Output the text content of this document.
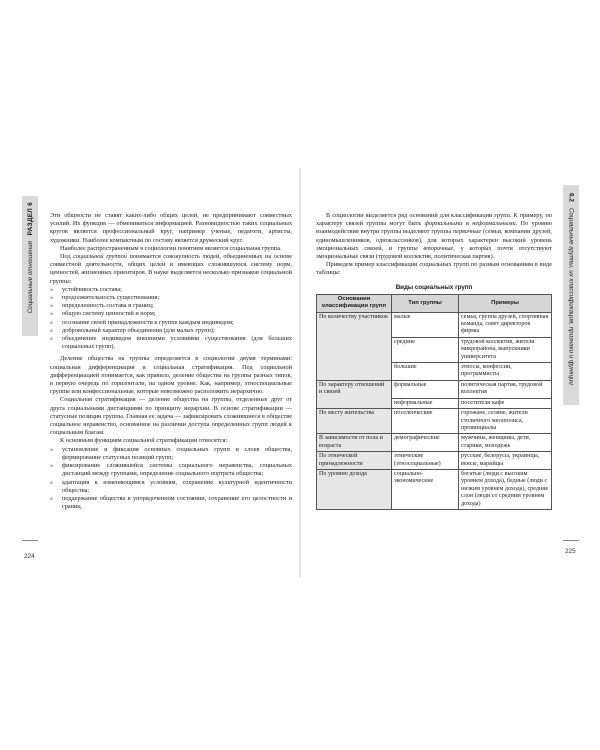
РАЗДЕЛ 6
Социальные отношения
6.2
Социальные группы, их классификация, признаки и функции
224
225

Эти общности не ставят каких-либо общих целей, не предпринимают совместных усилий. Их функция — обмениваться информацией. Разновидностью таких социальных кругов является профессиональный круг, например ученые, педагоги, артисты, художники. Наиболее компактным по составу является дружеский круг.

Наиболее распространенным в социологии понятием является социальная группа.

Под социальной группой понимается совокупность людей, объединенных на основе совместной деятельности, общих целей и имеющих сложившуюся систему норм, ценностей, жизненных ориентиров. В науке выделяется несколько признаков социальной группы:

» устойчивость состава;
» продолжительность существования;
» определенность состава и границ;
» общую систему ценностей и норм;
» осознание своей принадлежности к группе каждым индивидом;
» добровольный характер объединения (для малых групп);
» объединение индивидов внешними условиями существования (для больших социальных групп).

Деление общества на группы определяется в социологии двумя терминами: социальная дифференциация и социальная стратификация. Под социальной дифференциацией понимается, как правило, деление общества на группы разных типов, в первую очередь по горизонтали, на одном уровне. Как, например, этноспоциальные группы или конфессиональные, которые невозможно расположить иерархично.

Социальная стратификация — деление общества на группы, отделенные друг от друга социальными дистанциями по принципу иерархии. В основе стратификации — статусные позиции группы. Главная ее задача — зафиксировать сложившиеся в обществе социальное неравенство, основанное на различии доступа определенных групп людей к социальным благам.

К основным функциям социальной стратификации относятся:

» установление и фиксация основных социальных групп и слоев общества, формирование статусных позиций групп;
» фиксирование сложившейся системы социального неравенства, социальных дистанций между группами, определение социального портрета общества;
» адаптация к изменяющимся условиям, сохранение культурной идентичности общества;
» поддержание общества в упорядоченном состоянии, сохранение его целостности и границ.

В социологии выделяется ряд оснований для классификации групп. К примеру, по характеру связей группы могут быть формальными и неформальными. По уровню взаимодействия внутри группы выделяют группы первичные (семьи, компании друзей, единомышленников, одноклассников), для которых характерен высокий уровень эмоциональных связей, и группы вторичные, у которых почти отсутствуют эмоциональные связи (трудовой коллектив, политическая партия).

Приведем пример классификации социальных групп по разным основаниям в виде таблицы:

Виды социальных групп
Основания классификации групп	Тип группы	Примеры
По количеству участников	малые	семья, группа друзей, спортивная команда, совет директоров фирмы
	средние	трудовой коллектив, жители микрорайона, выпускники университета
	большие	этносы, конфессии, программисты
По характеру отношений и связей	формальные	политическая партия, трудовой коллектив
	неформальные	посетители кафе
По месту жительства	поселенческие	горожане, селяне, жители столичного мегаполиса, провинциалы
В зависимости от пола и возраста	демографические	мужчины, женщины, дети, старики, молодежь
По этнической принадлежности	этнические (этносоциальные)	русские, белорусы, украинцы, венсы, марийцы
По уровню дохода	социально-экономические	богатые (люди с высоким уровнем дохода), бедные (люди с низким уровнем дохода), средние слои (люди со средним уровнем дохода)
